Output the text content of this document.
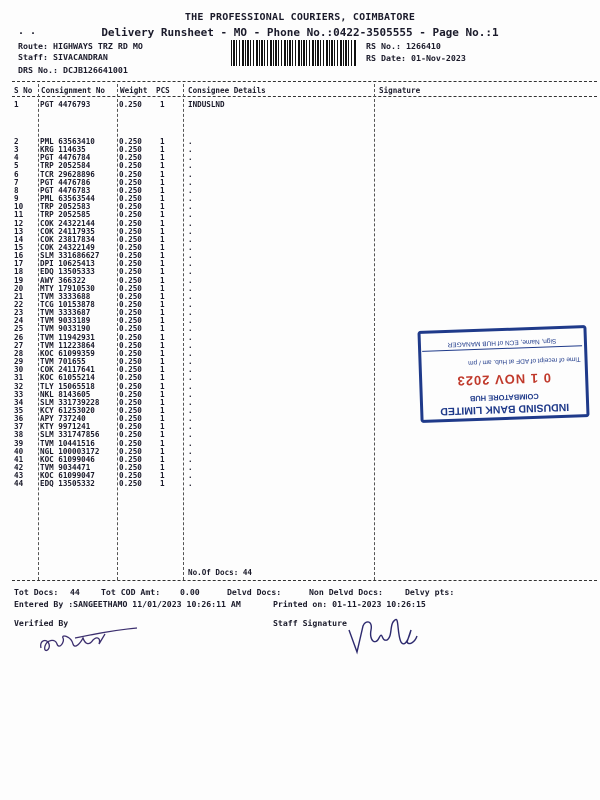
THE PROFESSIONAL COURIERS, COIMBATORE
. .	Delivery Runsheet - MO - Phone No.:0422-3505555 - Page No.:1
Route: HIGHWAYS TRZ RD MO
Staff: SIVACANDRAN
DRS No.: DCJB126641001
RS No.: 1266410
RS Date: 01-Nov-2023
S No Consignment No Weight PCS Consignee Details	Signature
1	PGT 4476793	0.250 1	INDUSLND
2	PML 63563410	0.250 1	.
3	KRG 114635	0.250 1	.
4	PGT 4476784	0.250 1	.
5	TRP 2052584	0.250 1	.
6	TCR 29628896	0.250 1	.
7	PGT 4476786	0.250 1	.
8	PGT 4476783	0.250 1	.
9	PML 63563544	0.250 1	.
10 TRP 2052583	0.250 1	.
11 TRP 2052585	0.250 1	.
12 COK 24322144	0.250 1	.
13 COK 24117935	0.250 1	.
14 COK 23817834	0.250 1	.
15 COK 24322149	0.250 1	.
16 SLM 331686627	0.250 1	.
17 DPI 10625413	0.250 1	.
18 EDQ 13505333	0.250 1	.
19 AWY 366322	0.250 1	.
20 MTY 17910530	0.250 1	.
21 TVM 3333688	0.250 1	.
22 TCG 10153878	0.250 1	.
23 TVM 3333687	0.250 1	.
24 TVM 9033189	0.250 1	.
25 TVM 9033190	0.250 1	.
26 TVM 11942931	0.250 1	.
27 TVM 11223864	0.250 1	.
28 KOC 61099359	0.250 1	.
29 TVM 701655	0.250 1	.
30 COK 24117641	0.250 1	.
31 KOC 61055214	0.250 1	.
32 TLY 15065518	0.250 1	.
33 NKL 8143605	0.250 1	.
34 SLM 331739228	0.250 1	.
35 KCY 61253020	0.250 1	.
36 APY 737240	0.250 1	.
37 KTY 9971241	0.250 1	.
38 SLM 331747856	0.250 1	.
39 TVM 10441516	0.250 1	.
40 NGL 100003172	0.250 1	.
41 KOC 61099046	0.250 1	.
42 TVM 9034471	0.250 1	.
43 KOC 61099047	0.250 1	.
44 EDQ 13505332	0.250 1	.
No.Of Docs: 44
Tot Docs: 44	Tot COD Amt: 0.00	Delvd Docs:	Non Delvd Docs:	Delvy pts:
Entered By :SANGEETHAMO 11/01/2023 10:26:11 AM	Printed on: 01-11-2023 10:26:15
Verified By	Staff Signature
INDUSIND BANK LIMITED
COIMBATORE HUB
0 1 NOV 2023
Time of receipt of ADF at Hub. am / pm
Sign, Name, ECN of HUB MANAGER
